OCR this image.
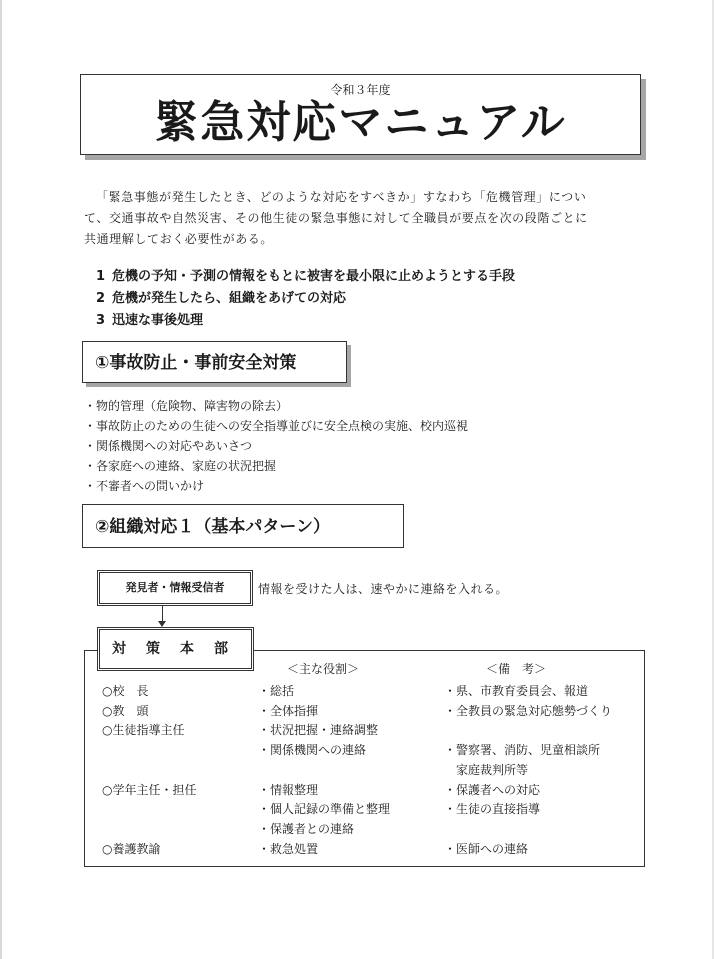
令和３年度
緊急対応マニュアル
「緊急事態が発生したとき、どのような対応をすべきか」すなわち「危機管理」につい
て、交通事故や自然災害、その他生徒の緊急事態に対して全職員が要点を次の段階ごとに
共通理解しておく必要性がある。
1 危機の予知・予測の情報をもとに被害を最小限に止めようとする手段
2 危機が発生したら、組織をあげての対応
3 迅速な事後処理
①事故防止・事前安全対策
・物的管理（危険物、障害物の除去）
・事故防止のための生徒への安全指導並びに安全点検の実施、校内巡視
・関係機関への対応やあいさつ
・各家庭への連絡、家庭の状況把握
・不審者への問いかけ
②組織対応１（基本パターン）
発見者・情報受信者	情報を受けた人は、速やかに連絡を入れる。
対 策 本 部
＜主な役割＞	＜備　考＞
○校　長	・総括	・県、市教育委員会、報道
○教　頭	・全体指揮	・全教員の緊急対応態勢づくり
○生徒指導主任	・状況把握・連絡調整
・関係機関への連絡	・警察署、消防、児童相談所
家庭裁判所等
○学年主任・担任	・情報整理	・保護者への対応
・個人記録の準備と整理	・生徒の直接指導
・保護者との連絡
○養護教諭	・救急処置	・医師への連絡
